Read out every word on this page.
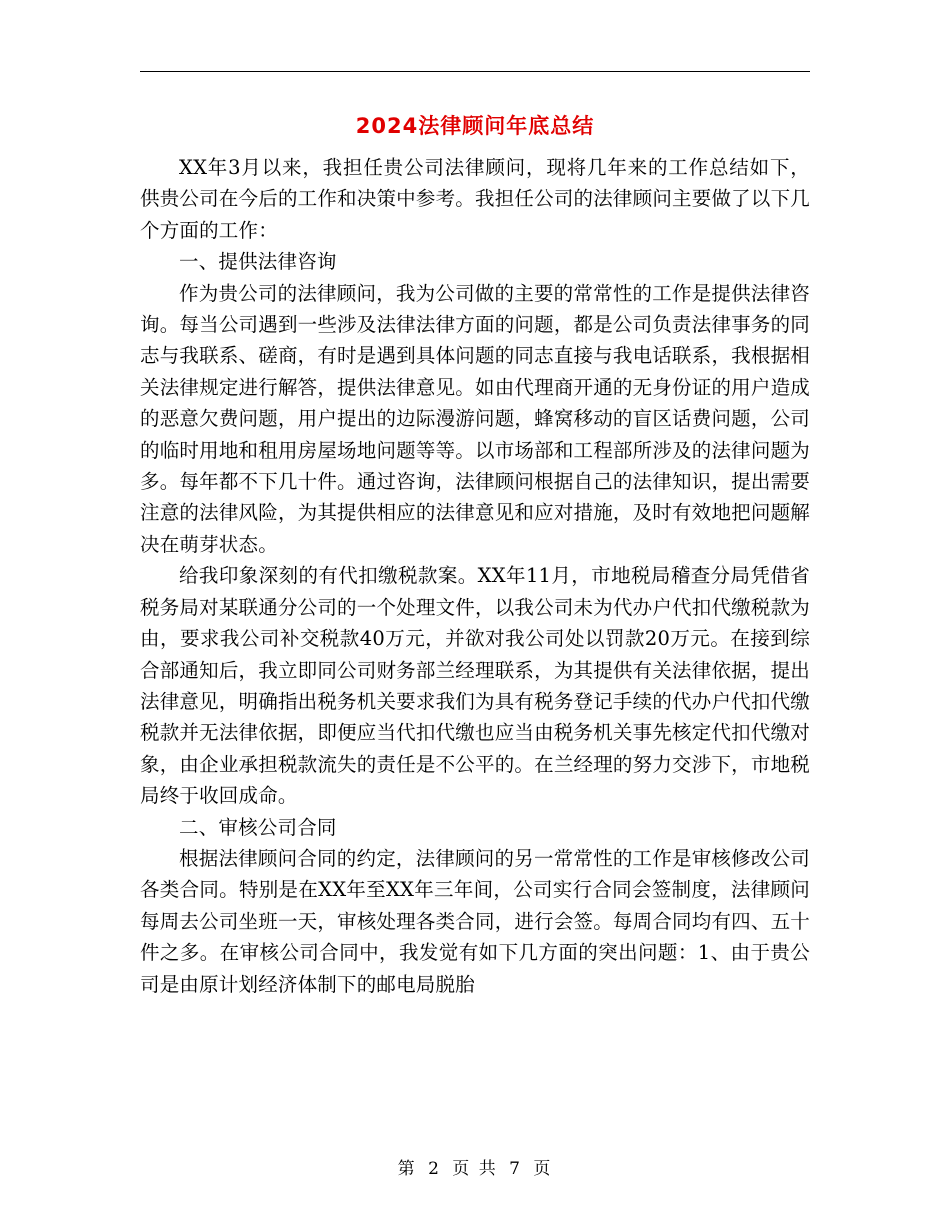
2024法律顾问年底总结

XX年3月以来，我担任贵公司法律顾问，现将几年来的工作总结如下，供贵公司在今后的工作和决策中参考。我担任公司的法律顾问主要做了以下几个方面的工作：

一、提供法律咨询

作为贵公司的法律顾问，我为公司做的主要的常常性的工作是提供法律咨询。每当公司遇到一些涉及法律法律方面的问题，都是公司负责法律事务的同志与我联系、磋商，有时是遇到具体问题的同志直接与我电话联系，我根据相关法律规定进行解答，提供法律意见。如由代理商开通的无身份证的用户造成的恶意欠费问题，用户提出的边际漫游问题，蜂窝移动的盲区话费问题，公司的临时用地和租用房屋场地问题等等。以市场部和工程部所涉及的法律问题为多。每年都不下几十件。通过咨询，法律顾问根据自己的法律知识，提出需要注意的法律风险，为其提供相应的法律意见和应对措施，及时有效地把问题解决在萌芽状态。

给我印象深刻的有代扣缴税款案。XX年11月，市地税局稽查分局凭借省税务局对某联通分公司的一个处理文件，以我公司未为代办户代扣代缴税款为由，要求我公司补交税款40万元，并欲对我公司处以罚款20万元。在接到综合部通知后，我立即同公司财务部兰经理联系，为其提供有关法律依据，提出法律意见，明确指出税务机关要求我们为具有税务登记手续的代办户代扣代缴税款并无法律依据，即便应当代扣代缴也应当由税务机关事先核定代扣代缴对象，由企业承担税款流失的责任是不公平的。在兰经理的努力交涉下，市地税局终于收回成命。

二、审核公司合同

根据法律顾问合同的约定，法律顾问的另一常常性的工作是审核修改公司各类合同。特别是在XX年至XX年三年间，公司实行合同会签制度，法律顾问每周去公司坐班一天，审核处理各类合同，进行会签。每周合同均有四、五十件之多。在审核公司合同中，我发觉有如下几方面的突出问题：1、由于贵公司是由原计划经济体制下的邮电局脱胎

第 2 页 共 7 页
